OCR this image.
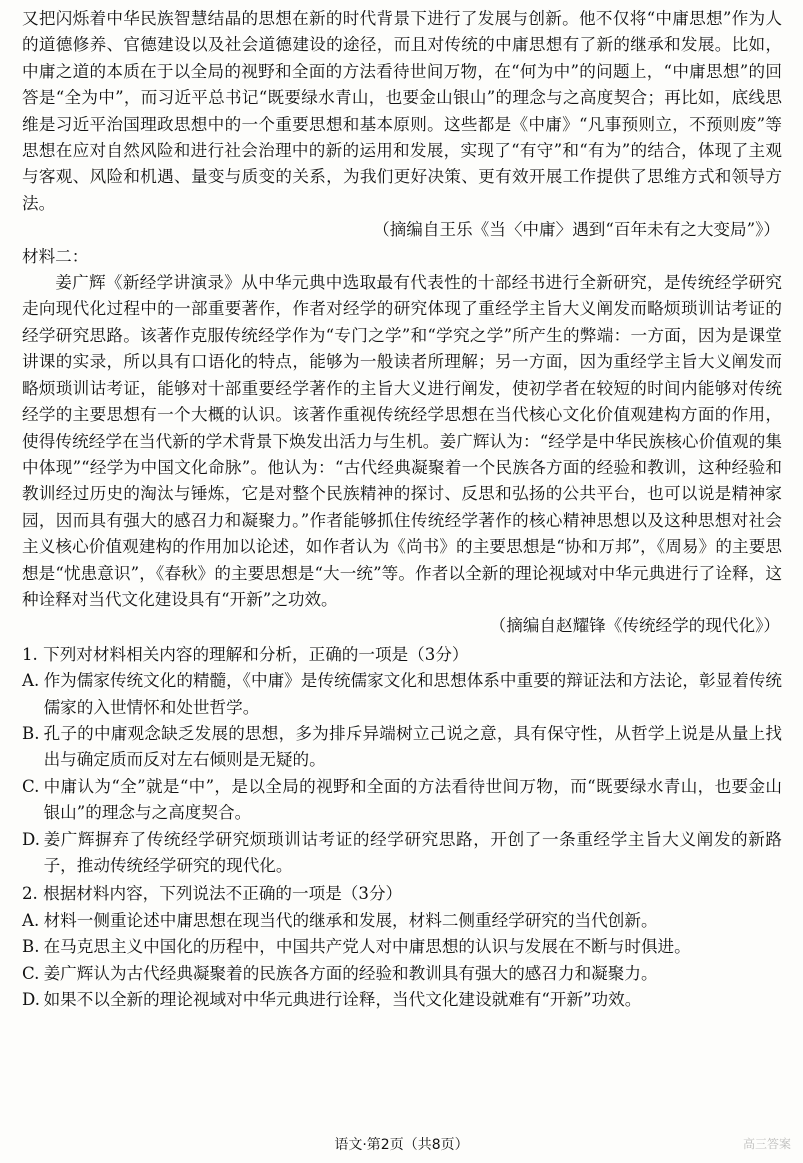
又把闪烁着中华民族智慧结晶的思想在新的时代背景下进行了发展与创新。他不仅将“中庸思想”作为人的道德修养、官德建设以及社会道德建设的途径，而且对传统的中庸思想有了新的继承和发展。比如，中庸之道的本质在于以全局的视野和全面的方法看待世间万物，在“何为中”的问题上，“中庸思想”的回答是“全为中”，而习近平总书记“既要绿水青山，也要金山银山”的理念与之高度契合；再比如，底线思维是习近平治国理政思想中的一个重要思想和基本原则。这些都是《中庸》“凡事预则立，不预则废”等思想在应对自然风险和进行社会治理中的新的运用和发展，实现了“有守”和“有为”的结合，体现了主观与客观、风险和机遇、量变与质变的关系，为我们更好决策、更有效开展工作提供了思维方式和领导方法。

（摘编自王乐《当〈中庸〉遇到“百年未有之大变局”》）

材料二：

姜广辉《新经学讲演录》从中华元典中选取最有代表性的十部经书进行全新研究，是传统经学研究走向现代化过程中的一部重要著作，作者对经学的研究体现了重经学主旨大义阐发而略烦琐训诂考证的经学研究思路。该著作克服传统经学作为“专门之学”和“学究之学”所产生的弊端：一方面，因为是课堂讲课的实录，所以具有口语化的特点，能够为一般读者所理解；另一方面，因为重经学主旨大义阐发而略烦琐训诂考证，能够对十部重要经学著作的主旨大义进行阐发，使初学者在较短的时间内能够对传统经学的主要思想有一个大概的认识。该著作重视传统经学思想在当代核心文化价值观建构方面的作用，使得传统经学在当代新的学术背景下焕发出活力与生机。姜广辉认为：“经学是中华民族核心价值观的集中体现”“经学为中国文化命脉”。他认为：“古代经典凝聚着一个民族各方面的经验和教训，这种经验和教训经过历史的淘汰与锤炼，它是对整个民族精神的探讨、反思和弘扬的公共平台，也可以说是精神家园，因而具有强大的感召力和凝聚力。”作者能够抓住传统经学著作的核心精神思想以及这种思想对社会主义核心价值观建构的作用加以论述，如作者认为《尚书》的主要思想是“协和万邦”，《周易》的主要思想是“忧患意识”，《春秋》的主要思想是“大一统”等。作者以全新的理论视域对中华元典进行了诠释，这种诠释对当代文化建设具有“开新”之功效。

（摘编自赵耀锋《传统经学的现代化》）

1. 下列对材料相关内容的理解和分析，正确的一项是（3分）

A. 作为儒家传统文化的精髓，《中庸》是传统儒家文化和思想体系中重要的辩证法和方法论，彰显着传统儒家的入世情怀和处世哲学。
B. 孔子的中庸观念缺乏发展的思想，多为排斥异端树立己说之意，具有保守性，从哲学上说是从量上找出与确定质而反对左右倾则是无疑的。
C. 中庸认为“全”就是“中”，是以全局的视野和全面的方法看待世间万物，而“既要绿水青山，也要金山银山”的理念与之高度契合。
D. 姜广辉摒弃了传统经学研究烦琐训诂考证的经学研究思路，开创了一条重经学主旨大义阐发的新路子，推动传统经学研究的现代化。

2. 根据材料内容，下列说法不正确的一项是（3分）

A. 材料一侧重论述中庸思想在现当代的继承和发展，材料二侧重经学研究的当代创新。
B. 在马克思主义中国化的历程中，中国共产党人对中庸思想的认识与发展在不断与时俱进。
C. 姜广辉认为古代经典凝聚着的民族各方面的经验和教训具有强大的感召力和凝聚力。
D. 如果不以全新的理论视域对中华元典进行诠释，当代文化建设就难有“开新”功效。
语文·第2页（共8页）	高三答案
